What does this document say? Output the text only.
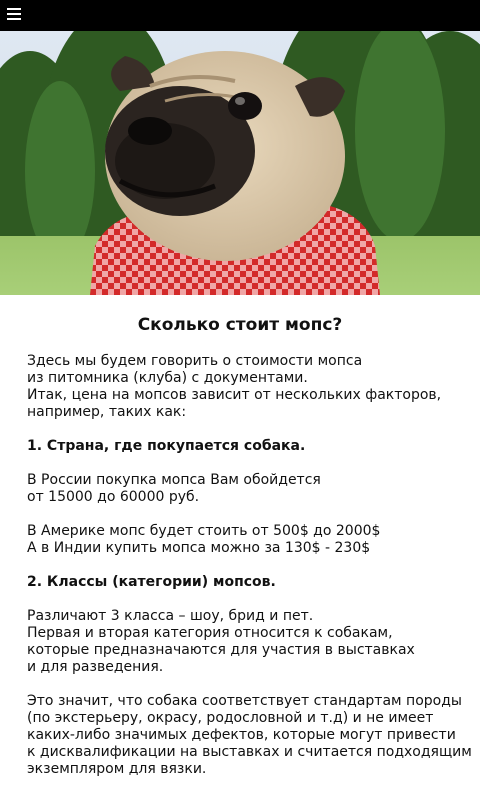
Сколько стоит мопс?
Здесь мы будем говорить о стоимости мопса
из питомника (клуба) с документами.
Итак, цена на мопсов зависит от нескольких факторов,
например, таких как:
1. Страна, где покупается собака.
В России покупка мопса Вам обойдется
от 15000 до 60000 руб.
В Америке мопс будет стоить от 500$ до 2000$
А в Индии купить мопса можно за 130$ - 230$
2. Классы (категории) мопсов.
Различают 3 класса – шоу, брид и пет.
Первая и вторая категория относится к собакам,
которые предназначаются для участия в выставках
и для разведения.
Это значит, что собака соответствует стандартам породы
(по экстерьеру, окрасу, родословной и т.д) и не имеет
каких-либо значимых дефектов, которые могут привести
к дисквалификации на выставках и считается подходящим
экземпляром для вязки.
